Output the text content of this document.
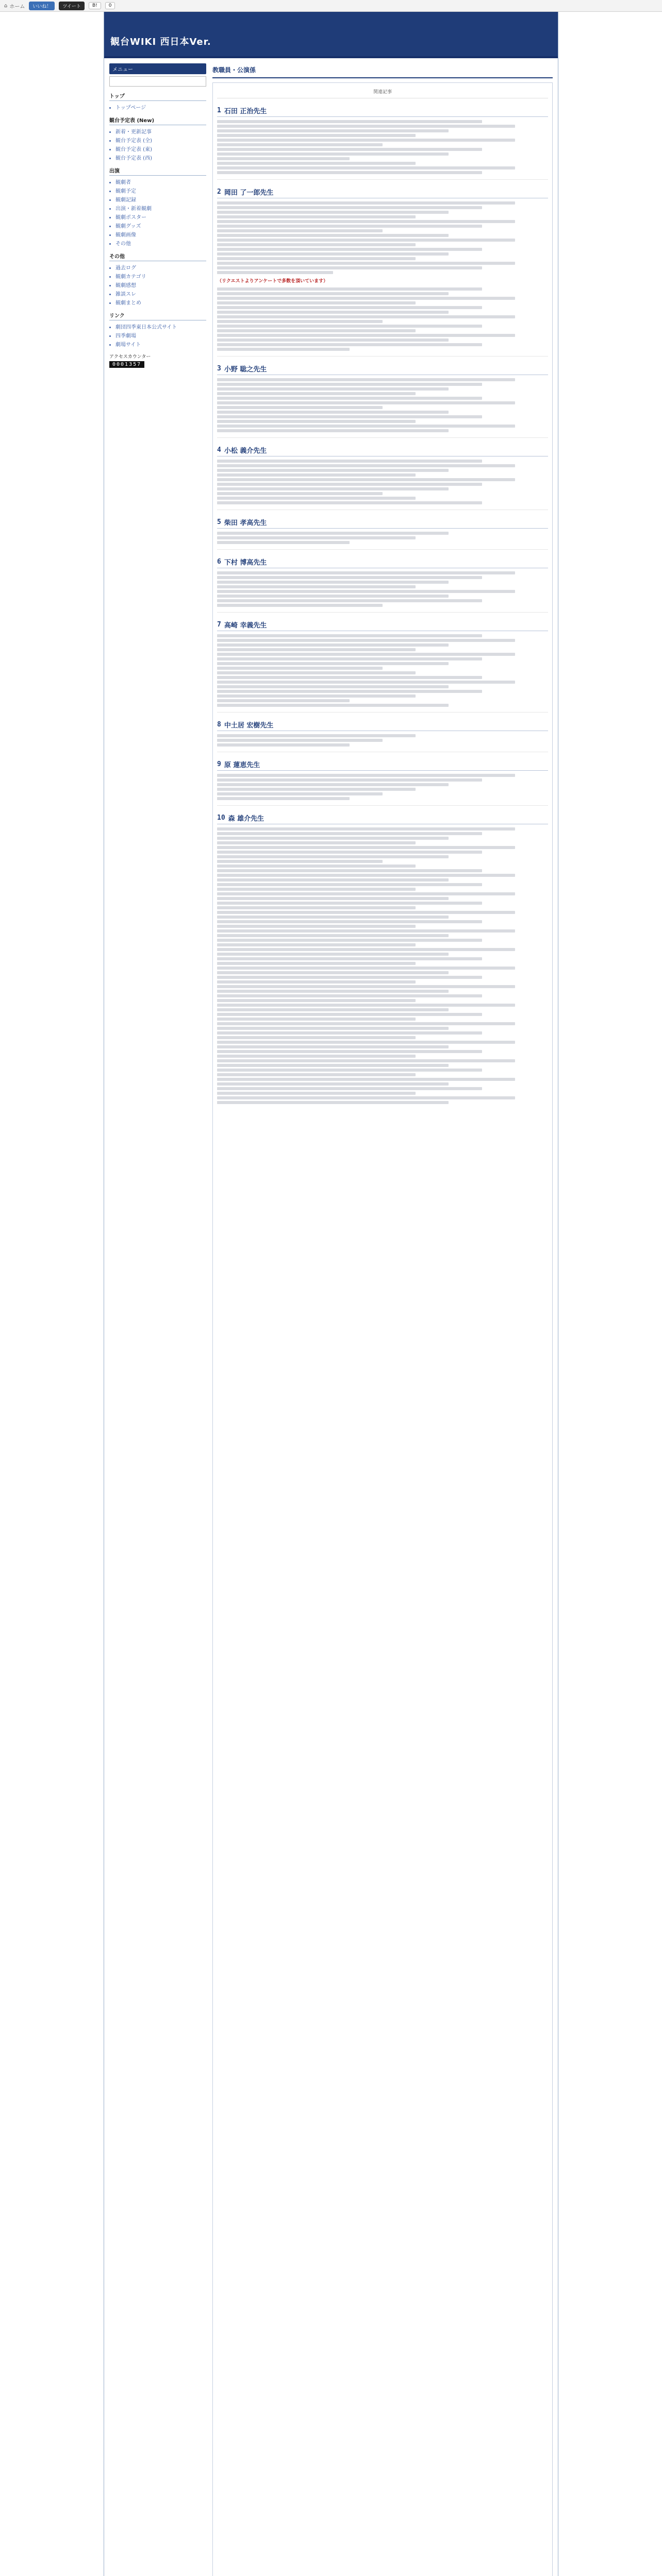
⌂ ホーム いいね！ ツイート B! 0
観台WIKI 西日本Ver.
メニュー
トップ
• トップページ
観台予定表 (New)
• 新着・更新記事
• 観台予定表 (全)
• 観台予定表 (東)
• 観台予定表 (西)
出演
• 観劇者
• 観劇予定
• 観劇記録
• 出演・新着観劇
• 観劇ポスター
• 観劇グッズ
• 観劇画像
• その他
その他
• 過去ログ
• 観劇カテゴリ
• 観劇感想
• 雑談スレ
• 観劇まとめ
リンク
• 劇団四季東日本公式サイト
• 四季劇場
• 劇場サイト
アクセスカウンター
0001357
教職員・公演係
関連記事
1 石田 正治先生
2 岡田 了一郎先生

（リクエストよりアンケートで多数を頂いています）

3 小野 聡之先生
4 小松 義介先生
5 柴田 孝高先生
6 下村 博高先生
7 高崎 幸義先生
8 中土居 宏樹先生
9 原 蓮恵先生
10 森 雄介先生
